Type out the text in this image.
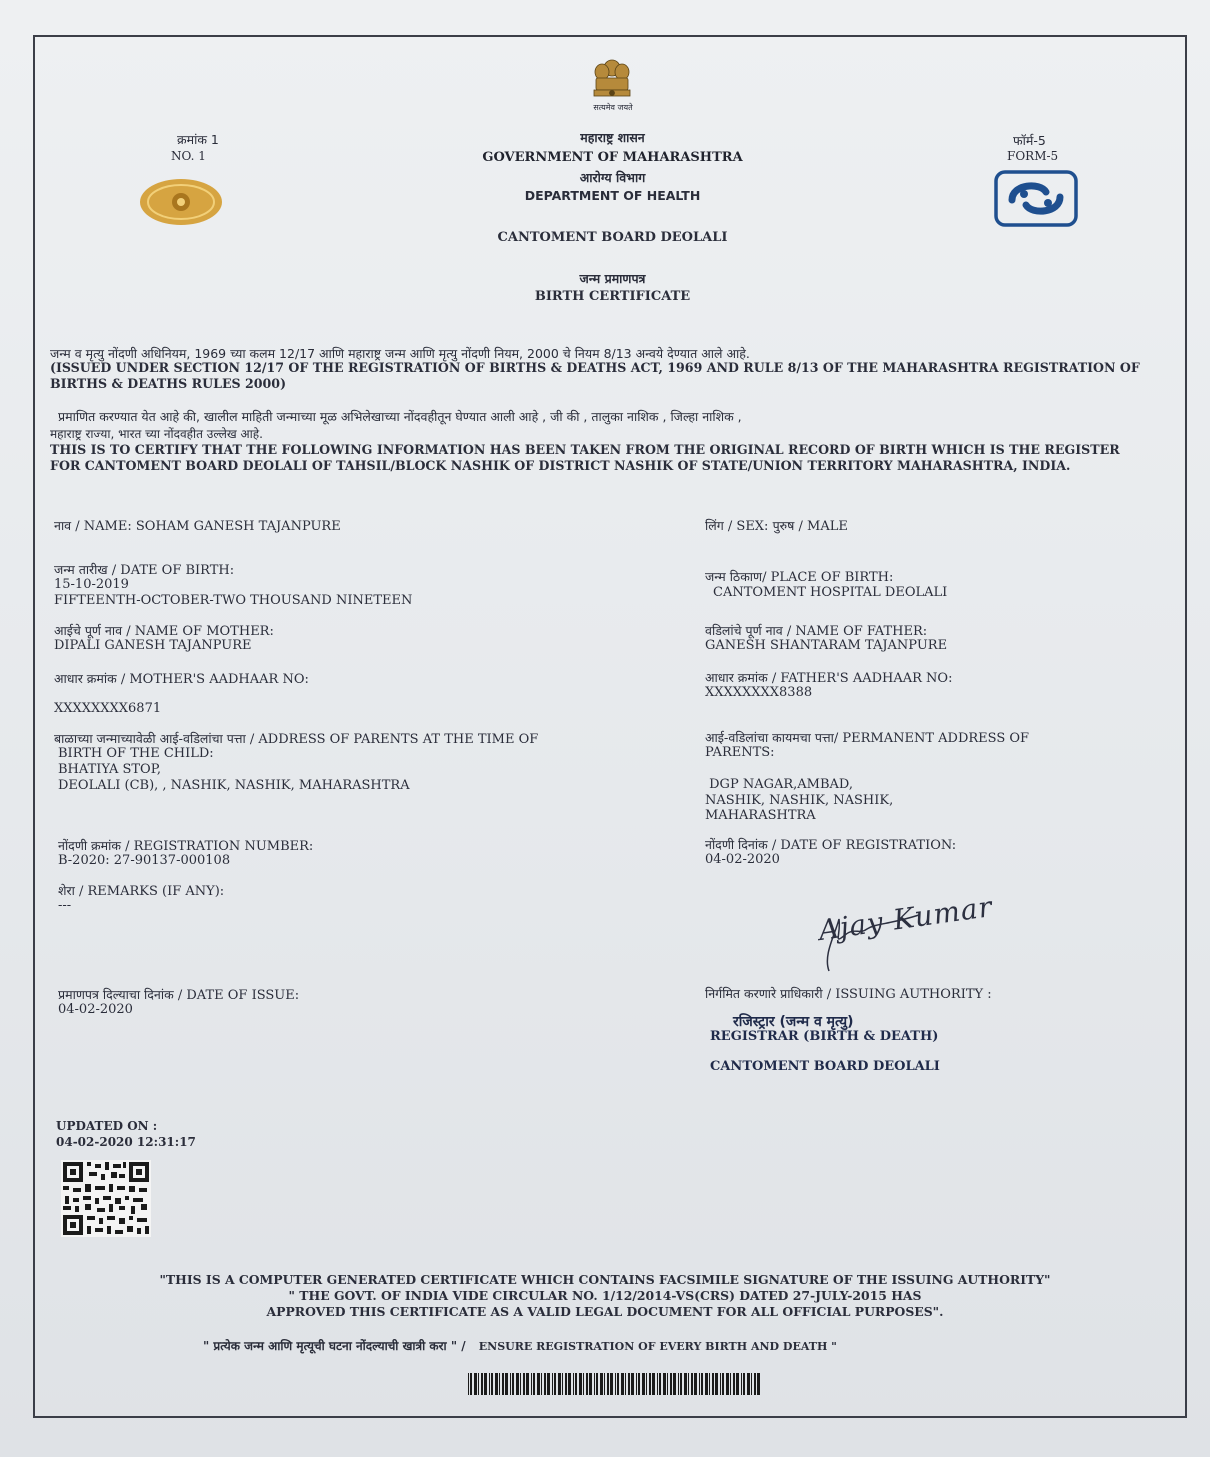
सत्यमेव जयते
क्रमांक 1
NO. 1
महाराष्ट्र शासन
GOVERNMENT OF MAHARASHTRA
आरोग्य विभाग
DEPARTMENT OF HEALTH
CANTOMENT BOARD DEOLALI
जन्म प्रमाणपत्र
BIRTH CERTIFICATE
फॉर्म-5
FORM-5
जन्म व मृत्यु नोंदणी अधिनियम, 1969 च्या कलम 12/17 आणि महाराष्ट्र जन्म आणि मृत्यु नोंदणी नियम, 2000 चे नियम 8/13 अन्वये देण्यात आले आहे.
(ISSUED UNDER SECTION 12/17 OF THE REGISTRATION OF BIRTHS & DEATHS ACT, 1969 AND RULE 8/13 OF THE MAHARASHTRA REGISTRATION OF
BIRTHS & DEATHS RULES 2000)
प्रमाणित करण्यात येत आहे की, खालील माहिती जन्माच्या मूळ अभिलेखाच्या नोंदवहीतून घेण्यात आली आहे , जी की , तालुका नाशिक , जिल्हा नाशिक ,
महाराष्ट्र राज्या, भारत च्या नोंदवहीत उल्लेख आहे.
THIS IS TO CERTIFY THAT THE FOLLOWING INFORMATION HAS BEEN TAKEN FROM THE ORIGINAL RECORD OF BIRTH WHICH IS THE REGISTER
FOR CANTOMENT BOARD DEOLALI OF TAHSIL/BLOCK NASHIK OF DISTRICT NASHIK OF STATE/UNION TERRITORY MAHARASHTRA, INDIA.
नाव / NAME: SOHAM GANESH TAJANPURE	लिंग / SEX: पुरुष / MALE
जन्म तारीख / DATE OF BIRTH:
15-10-2019
FIFTEENTH-OCTOBER-TWO THOUSAND NINETEEN
जन्म ठिकाण/ PLACE OF BIRTH:
CANTOMENT HOSPITAL DEOLALI
आईचे पूर्ण नाव / NAME OF MOTHER:
DIPALI GANESH TAJANPURE
वडिलांचे पूर्ण नाव / NAME OF FATHER:
GANESH SHANTARAM TAJANPURE
आधार क्रमांक / MOTHER'S AADHAAR NO:
XXXXXXXX6871
आधार क्रमांक / FATHER'S AADHAAR NO:
XXXXXXXX8388
बाळाच्या जन्माच्यावेळी आई-वडिलांचा पत्ता / ADDRESS OF PARENTS AT THE TIME OF
BIRTH OF THE CHILD:
BHATIYA STOP,
DEOLALI (CB), , NASHIK, NASHIK, MAHARASHTRA
आई-वडिलांचा कायमचा पत्ता/ PERMANENT ADDRESS OF
PARENTS:
DGP NAGAR,AMBAD,
NASHIK, NASHIK, NASHIK,
MAHARASHTRA
नोंदणी क्रमांक / REGISTRATION NUMBER:
B-2020: 27-90137-000108
नोंदणी दिनांक / DATE OF REGISTRATION:
04-02-2020
शेरा / REMARKS (IF ANY):
---	Ajay Kumar
प्रमाणपत्र दिल्याचा दिनांक / DATE OF ISSUE:
04-02-2020
निर्गमित करणारे प्राधिकारी / ISSUING AUTHORITY :
रजिस्ट्रार (जन्म व मृत्यु)
REGISTRAR (BIRTH & DEATH)
CANTOMENT BOARD DEOLALI
UPDATED ON :
04-02-2020 12:31:17
"THIS IS A COMPUTER GENERATED CERTIFICATE WHICH CONTAINS FACSIMILE SIGNATURE OF THE ISSUING AUTHORITY"
" THE GOVT. OF INDIA VIDE CIRCULAR NO. 1/12/2014-VS(CRS) DATED 27-JULY-2015 HAS
APPROVED THIS CERTIFICATE AS A VALID LEGAL DOCUMENT FOR ALL OFFICIAL PURPOSES".
" प्रत्येक जन्म आणि मृत्यूची घटना नोंदल्याची खात्री करा " / ENSURE REGISTRATION OF EVERY BIRTH AND DEATH "
